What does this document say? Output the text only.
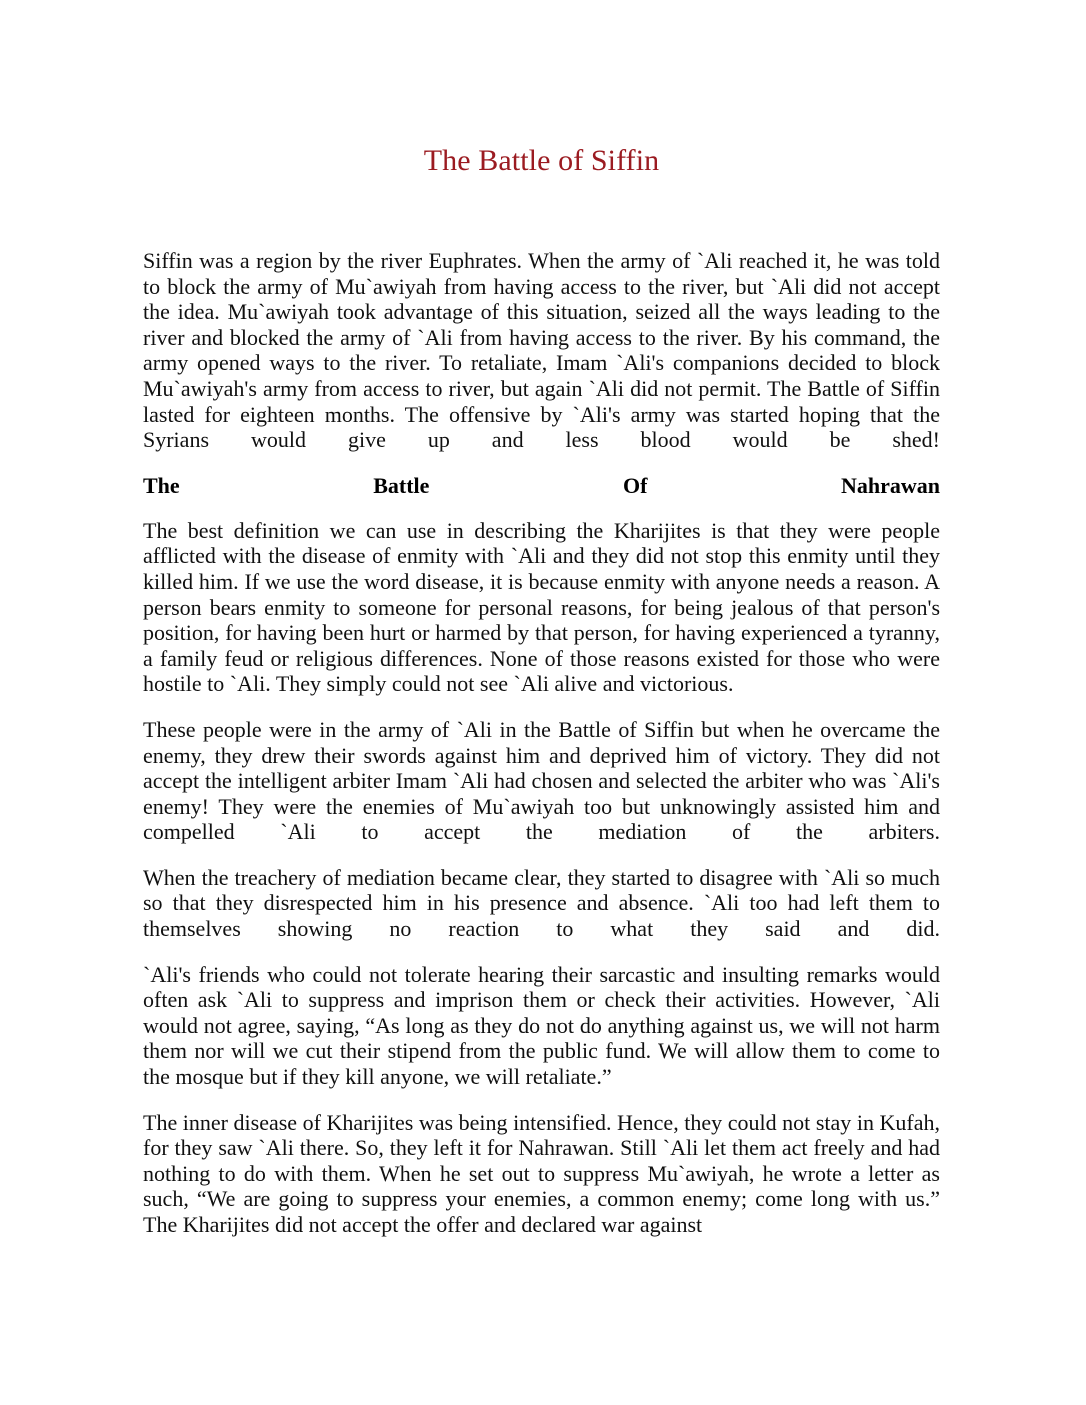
The Battle of Siffin

Siffin was a region by the river Euphrates. When the army of `Ali reached it, he was told to block the army of Mu`awiyah from having access to the river, but `Ali did not accept the idea. Mu`awiyah took advantage of this situation, seized all the ways leading to the river and blocked the army of `Ali from having access to the river. By his command, the army opened ways to the river. To retaliate, Imam `Ali's companions decided to block Mu`awiyah's army from access to river, but again `Ali did not permit. The Battle of Siffin lasted for eighteen months. The offensive by `Ali's army was started hoping that the Syrians would give up and less blood would be shed!

The Battle Of Nahrawan

The best definition we can use in describing the Kharijites is that they were people afflicted with the disease of enmity with `Ali and they did not stop this enmity until they killed him. If we use the word disease, it is because enmity with anyone needs a reason. A person bears enmity to someone for personal reasons, for being jealous of that person's position, for having been hurt or harmed by that person, for having experienced a tyranny, a family feud or religious differences. None of those reasons existed for those who were hostile to `Ali. They simply could not see `Ali alive and victorious.

These people were in the army of `Ali in the Battle of Siffin but when he overcame the enemy, they drew their swords against him and deprived him of victory. They did not accept the intelligent arbiter Imam `Ali had chosen and selected the arbiter who was `Ali's enemy! They were the enemies of Mu`awiyah too but unknowingly assisted him and compelled `Ali to accept the mediation of the arbiters.

When the treachery of mediation became clear, they started to disagree with `Ali so much so that they disrespected him in his presence and absence. `Ali too had left them to themselves showing no reaction to what they said and did.

`Ali's friends who could not tolerate hearing their sarcastic and insulting remarks would often ask `Ali to suppress and imprison them or check their activities. However, `Ali would not agree, saying, “As long as they do not do anything against us, we will not harm them nor will we cut their stipend from the public fund. We will allow them to come to the mosque but if they kill anyone, we will retaliate.”

The inner disease of Kharijites was being intensified. Hence, they could not stay in Kufah, for they saw `Ali there. So, they left it for Nahrawan. Still `Ali let them act freely and had nothing to do with them. When he set out to suppress Mu`awiyah, he wrote a letter as such, “We are going to suppress your enemies, a common enemy; come long with us.” The Kharijites did not accept the offer and declared war against
